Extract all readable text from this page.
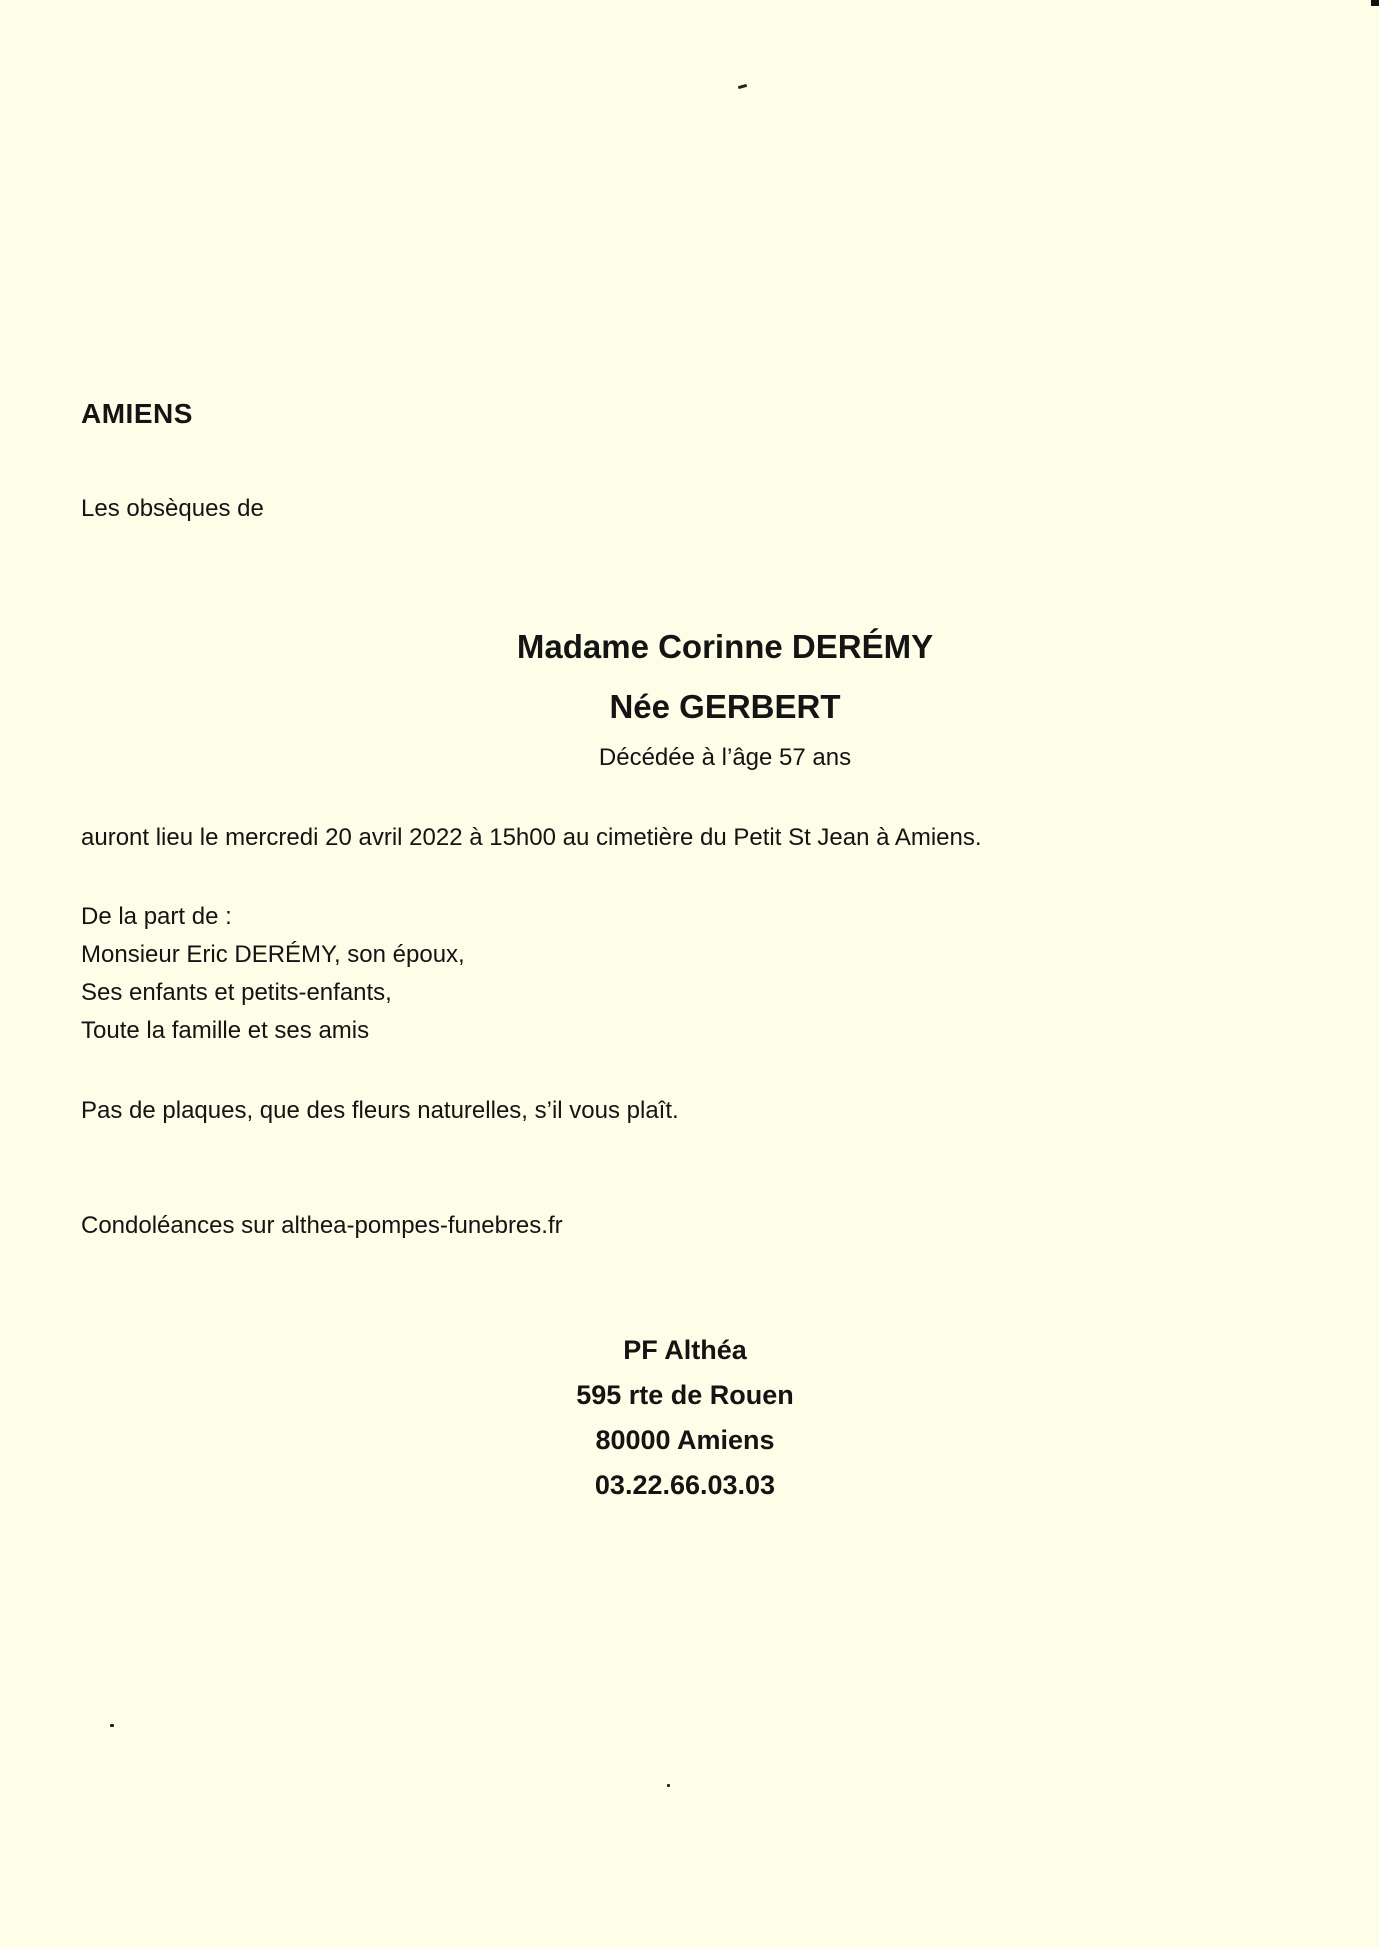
AMIENS

Les obsèques de

Madame Corinne DERÉMY

Née GERBERT

Décédée à l’âge 57 ans

auront lieu le mercredi 20 avril 2022 à 15h00 au cimetière du Petit St Jean à Amiens.

De la part de :
Monsieur Eric DERÉMY, son époux,
Ses enfants et petits-enfants,
Toute la famille et ses amis

Pas de plaques, que des fleurs naturelles, s’il vous plaît.

Condoléances sur althea-pompes-funebres.fr

PF Althéa
595 rte de Rouen
80000 Amiens
03.22.66.03.03
